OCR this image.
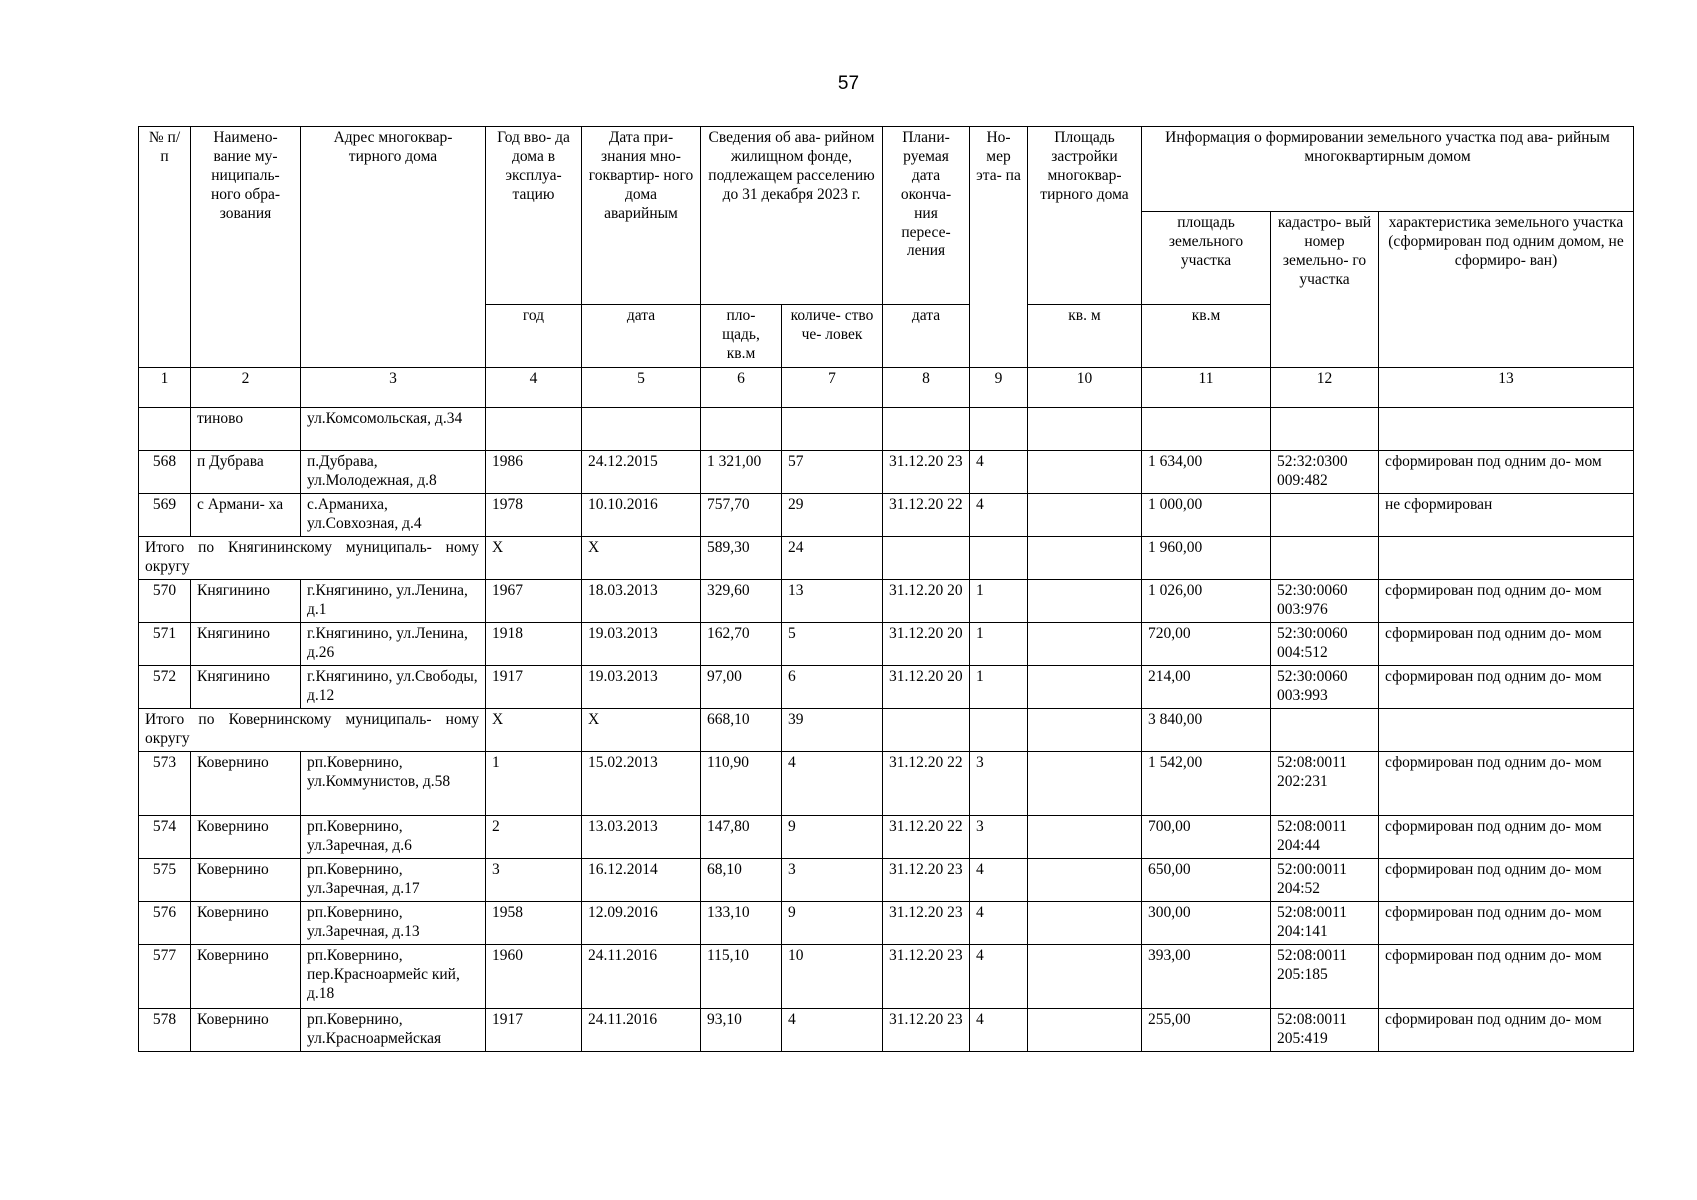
57
№ п/п	Наимено- вание му- ниципаль- ного обра- зования	Адрес многоквар- тирного дома	Год вво- да дома в эксплуа- тацию	Дата при- знания мно- гоквартир- ного дома аварийным	Сведения об ава- рийном жилищном фонде, подлежащем расселению до 31 декабря 2023 г.		Плани- руемая дата оконча- ния пересе- ления	Но- мер эта- па	Площадь застройки многоквар- тирного дома	Информация о формировании земельного участка под ава- рийным многоквартирным домом		
										площадь земельного участка	кадастро- вый номер земельно- го участка	характеристика земельного участка (сформирован под одним домом, не сформиро- ван)
			год	дата	пло- щадь, кв.м	количе- ство че- ловек	дата		кв. м	кв.м		
1	2	3	4	5	6	7	8	9	10	11	12	13
	тиново	ул.Комсомольская, д.34										
568	п Дубрава	п.Дубрава, ул.Молодежная, д.8	1986	24.12.2015	1 321,00	57	31.12.20 23	4		1 634,00	52:32:0300 009:482	сформирован под одним до- мом
569	с Армани- ха	с.Арманиха, ул.Совхозная, д.4	1978	10.10.2016	757,70	29	31.12.20 22	4		1 000,00		не сформирован
Итого по Княгининскому муниципаль- ному округу			X	X	589,30	24				1 960,00		
570	Княгинино	г.Княгинино, ул.Ленина, д.1	1967	18.03.2013	329,60	13	31.12.20 20	1		1 026,00	52:30:0060 003:976	сформирован под одним до- мом
571	Княгинино	г.Княгинино, ул.Ленина, д.26	1918	19.03.2013	162,70	5	31.12.20 20	1		720,00	52:30:0060 004:512	сформирован под одним до- мом
572	Княгинино	г.Княгинино, ул.Свободы, д.12	1917	19.03.2013	97,00	6	31.12.20 20	1		214,00	52:30:0060 003:993	сформирован под одним до- мом
Итого по Ковернинскому муниципаль- ному округу			X	X	668,10	39				3 840,00		
573	Ковернино	рп.Ковернино, ул.Коммунистов, д.58	1	15.02.2013	110,90	4	31.12.20 22	3		1 542,00	52:08:0011 202:231	сформирован под одним до- мом
574	Ковернино	рп.Ковернино, ул.Заречная, д.6	2	13.03.2013	147,80	9	31.12.20 22	3		700,00	52:08:0011 204:44	сформирован под одним до- мом
575	Ковернино	рп.Ковернино, ул.Заречная, д.17	3	16.12.2014	68,10	3	31.12.20 23	4		650,00	52:00:0011 204:52	сформирован под одним до- мом
576	Ковернино	рп.Ковернино, ул.Заречная, д.13	1958	12.09.2016	133,10	9	31.12.20 23	4		300,00	52:08:0011 204:141	сформирован под одним до- мом
577	Ковернино	рп.Ковернино, пер.Красноармейс кий, д.18	1960	24.11.2016	115,10	10	31.12.20 23	4		393,00	52:08:0011 205:185	сформирован под одним до- мом
578	Ковернино	рп.Ковернино, ул.Красноармейская	1917	24.11.2016	93,10	4	31.12.20 23	4		255,00	52:08:0011 205:419	сформирован под одним до- мом
